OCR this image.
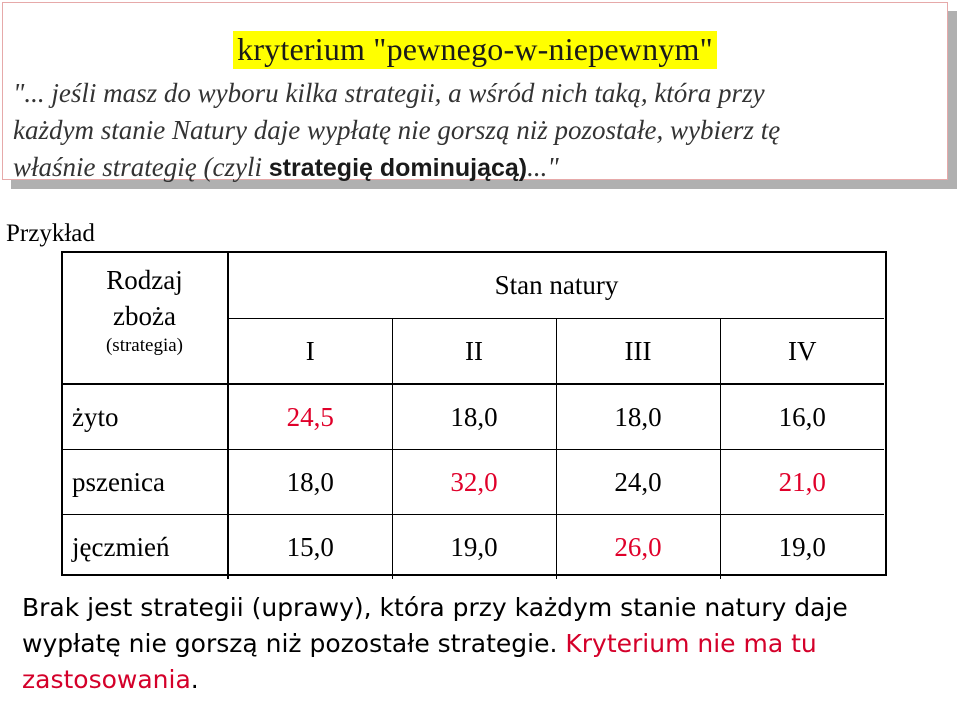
kryterium "pewnego-w-niepewnym"
"... jeśli masz do wyboru kilka strategii, a wśród nich taką, która przy
każdym stanie Natury daje wypłatę nie gorszą niż pozostałe, wybierz tę
właśnie strategię (czyli strategię dominującą)..."
Przykład
Rodzaj
zboża
(strategia)	Stan natury			
	I	II	III	IV
żyto	24,5	18,0	18,0	16,0
pszenica	18,0	32,0	24,0	21,0
jęczmień	15,0	19,0	26,0	19,0
Brak jest strategii (uprawy), która przy każdym stanie natury daje wypłatę nie gorszą niż pozostałe strategie. Kryterium nie ma tu zastosowania.
